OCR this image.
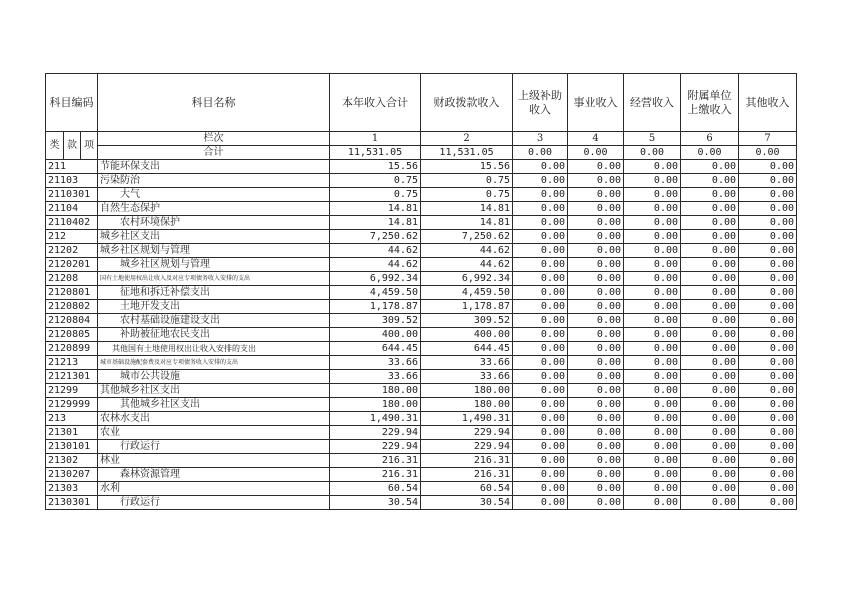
科目编码			科目名称	本年收入合计	财政拨款收入	上级补助收入	事业收入	经营收入	附属单位上缴收入	其他收入
类	款	项	栏次	1	2	3	4	5	6	7
			合计	11,531.05	11,531.05	0.00	0.00	0.00	0.00	0.00
211			节能环保支出	15.56	15.56	0.00	0.00	0.00	0.00	0.00
21103			污染防治	0.75	0.75	0.00	0.00	0.00	0.00	0.00
2110301			大气	0.75	0.75	0.00	0.00	0.00	0.00	0.00
21104			自然生态保护	14.81	14.81	0.00	0.00	0.00	0.00	0.00
2110402			农村环境保护	14.81	14.81	0.00	0.00	0.00	0.00	0.00
212			城乡社区支出	7,250.62	7,250.62	0.00	0.00	0.00	0.00	0.00
21202			城乡社区规划与管理	44.62	44.62	0.00	0.00	0.00	0.00	0.00
2120201			城乡社区规划与管理	44.62	44.62	0.00	0.00	0.00	0.00	0.00
21208			国有土地使用权出让收入及对应专项债务收入安排的支出	6,992.34	6,992.34	0.00	0.00	0.00	0.00	0.00
2120801			征地和拆迁补偿支出	4,459.50	4,459.50	0.00	0.00	0.00	0.00	0.00
2120802			土地开发支出	1,178.87	1,178.87	0.00	0.00	0.00	0.00	0.00
2120804			农村基础设施建设支出	309.52	309.52	0.00	0.00	0.00	0.00	0.00
2120805			补助被征地农民支出	400.00	400.00	0.00	0.00	0.00	0.00	0.00
2120899			其他国有土地使用权出让收入安排的支出	644.45	644.45	0.00	0.00	0.00	0.00	0.00
21213			城市基础设施配套费及对应专项债务收入安排的支出	33.66	33.66	0.00	0.00	0.00	0.00	0.00
2121301			城市公共设施	33.66	33.66	0.00	0.00	0.00	0.00	0.00
21299			其他城乡社区支出	180.00	180.00	0.00	0.00	0.00	0.00	0.00
2129999			其他城乡社区支出	180.00	180.00	0.00	0.00	0.00	0.00	0.00
213			农林水支出	1,490.31	1,490.31	0.00	0.00	0.00	0.00	0.00
21301			农业	229.94	229.94	0.00	0.00	0.00	0.00	0.00
2130101			行政运行	229.94	229.94	0.00	0.00	0.00	0.00	0.00
21302			林业	216.31	216.31	0.00	0.00	0.00	0.00	0.00
2130207			森林资源管理	216.31	216.31	0.00	0.00	0.00	0.00	0.00
21303			水利	60.54	60.54	0.00	0.00	0.00	0.00	0.00
2130301			行政运行	30.54	30.54	0.00	0.00	0.00	0.00	0.00
